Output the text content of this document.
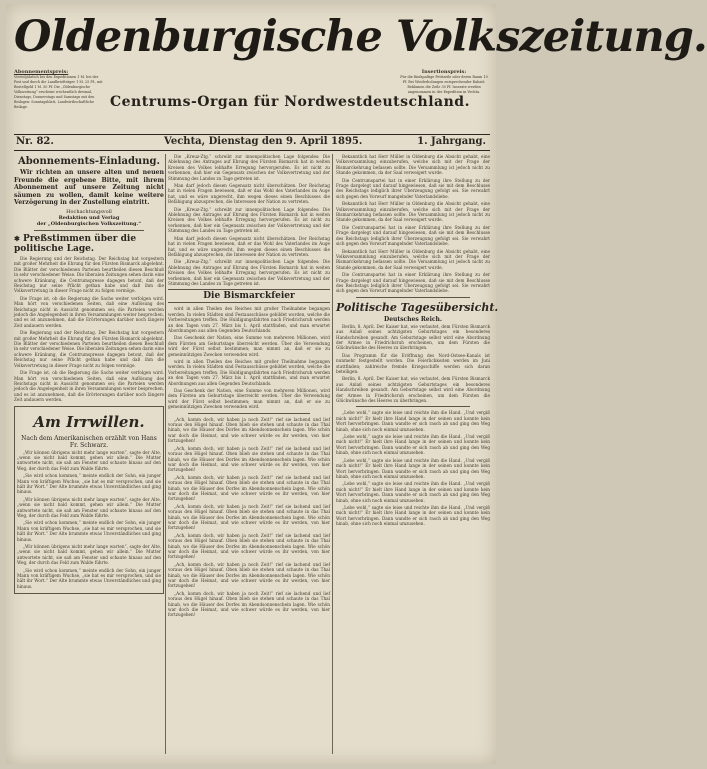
Oldenburgische Volkszeitung.
Abonnementspreis:
Vierteljährlich bei den Expeditionen 1 M. bei der Post und durch die Landbriefträger 1 M. 25 Pf., mit Bestellgeld 1 M. 50 Pf. Die „Oldenburgische Volkszeitung“ erscheint wöchentlich dreimal, Dienstags, Donnerstags und Samstags mit den Beilagen: Sonntagsblatt, Landwirthschaftliche Beilage.	Centrums-Organ für Nordwestdeutschland.
Insertionspreis:
Für die fünfspaltige Petitzeile oder deren Raum 10 Pf. Bei Wiederholungen entsprechender Rabatt. Reklamen die Zeile 30 Pf. Inserate werden angenommen in der Expedition in Vechta.
Nr. 82.	Vechta, Dienstag den 9. April 1895.	1. Jahrgang.
Abonnements-Einladung.

Wir richten an unsere alten und neuen Freunde die ergebene Bitte, mit ihrem Abonnement auf unsere Zeitung nicht säumen zu wollen, damit keine weitere Verzögerung in der Zustellung eintritt.

Hochachtungsvoll
Redaktion und Verlag
der „Oldenburgischen Volkszeitung.“
✱ Preßstimmen über die politische Lage.

Die Regierung und der Reichstag. Der Reichstag hat vorgestern mit großer Mehrheit die Ehrung für den Fürsten Bismarck abgelehnt. Die Blätter der verschiedenen Parteien beurtheilen diesen Beschluß in sehr verschiedener Weise. Die liberalen Zeitungen sehen darin eine schwere Kränkung, die Centrumspresse dagegen betont, daß der Reichstag nur seine Pflicht gethan habe und daß ihm die Volksvertretung in dieser Frage nicht zu folgen vermöge.

Die Frage ist, ob die Regierung die Sache weiter verfolgen wird. Man hört von verschiedenen Seiten, daß eine Auflösung des Reichstags nicht in Aussicht genommen sei; die Parteien werden jedoch die Angelegenheit in ihren Versammlungen weiter besprechen, und es ist anzunehmen, daß die Erörterungen darüber noch längere Zeit andauern werden.

Die Regierung und der Reichstag. Der Reichstag hat vorgestern mit großer Mehrheit die Ehrung für den Fürsten Bismarck abgelehnt. Die Blätter der verschiedenen Parteien beurtheilen diesen Beschluß in sehr verschiedener Weise. Die liberalen Zeitungen sehen darin eine schwere Kränkung, die Centrumspresse dagegen betont, daß der Reichstag nur seine Pflicht gethan habe und daß ihm die Volksvertretung in dieser Frage nicht zu folgen vermöge.

Die Frage ist, ob die Regierung die Sache weiter verfolgen wird. Man hört von verschiedenen Seiten, daß eine Auflösung des Reichstags nicht in Aussicht genommen sei; die Parteien werden jedoch die Angelegenheit in ihren Versammlungen weiter besprechen, und es ist anzunehmen, daß die Erörterungen darüber noch längere Zeit andauern werden.

Am Irrwillen.
Nach dem Amerikanischen erzählt von Hans Fr. Schwarz.

„Wir können übrigens nicht mehr lange warten“, sagte der Alte, „wenn sie nicht bald kommt, gehen wir allein.“ Die Mutter antwortete nicht, sie saß am Fenster und schaute hinaus auf den Weg, der durch das Feld zum Walde führte.

„Sie wird schon kommen,“ meinte endlich der Sohn, ein junger Mann von kräftigem Wuchse, „sie hat es mir versprochen, und sie hält ihr Wort.“ Der Alte brummte etwas Unverständliches und ging hinaus.

„Wir können übrigens nicht mehr lange warten“, sagte der Alte, „wenn sie nicht bald kommt, gehen wir allein.“ Die Mutter antwortete nicht, sie saß am Fenster und schaute hinaus auf den Weg, der durch das Feld zum Walde führte.

„Sie wird schon kommen,“ meinte endlich der Sohn, ein junger Mann von kräftigem Wuchse, „sie hat es mir versprochen, und sie hält ihr Wort.“ Der Alte brummte etwas Unverständliches und ging hinaus.

„Wir können übrigens nicht mehr lange warten“, sagte der Alte, „wenn sie nicht bald kommt, gehen wir allein.“ Die Mutter antwortete nicht, sie saß am Fenster und schaute hinaus auf den Weg, der durch das Feld zum Walde führte.

„Sie wird schon kommen,“ meinte endlich der Sohn, ein junger Mann von kräftigem Wuchse, „sie hat es mir versprochen, und sie hält ihr Wort.“ Der Alte brummte etwas Unverständliches und ging hinaus.

Die „Kreuz-Ztg.“ schreibt zur innenpolitischen Lage folgendes: Die Ablehnung des Antrages auf Ehrung des Fürsten Bismarck hat in weiten Kreisen des Volkes lebhafte Erregung hervorgerufen. Es ist nicht zu verkennen, daß hier ein Gegensatz zwischen der Volksvertretung und der Stimmung des Landes zu Tage getreten ist.

Man darf jedoch diesen Gegensatz nicht überschätzen. Der Reichstag hat in vielen Fragen bewiesen, daß er das Wohl des Vaterlandes im Auge hat, und es wäre ungerecht, ihm wegen dieses einen Beschlusses die Befähigung abzusprechen, die Interessen der Nation zu vertreten.

Die „Kreuz-Ztg.“ schreibt zur innenpolitischen Lage folgendes: Die Ablehnung des Antrages auf Ehrung des Fürsten Bismarck hat in weiten Kreisen des Volkes lebhafte Erregung hervorgerufen. Es ist nicht zu verkennen, daß hier ein Gegensatz zwischen der Volksvertretung und der Stimmung des Landes zu Tage getreten ist.

Man darf jedoch diesen Gegensatz nicht überschätzen. Der Reichstag hat in vielen Fragen bewiesen, daß er das Wohl des Vaterlandes im Auge hat, und es wäre ungerecht, ihm wegen dieses einen Beschlusses die Befähigung abzusprechen, die Interessen der Nation zu vertreten.

Die „Kreuz-Ztg.“ schreibt zur innenpolitischen Lage folgendes: Die Ablehnung des Antrages auf Ehrung des Fürsten Bismarck hat in weiten Kreisen des Volkes lebhafte Erregung hervorgerufen. Es ist nicht zu verkennen, daß hier ein Gegensatz zwischen der Volksvertretung und der Stimmung des Landes zu Tage getreten ist.

Die Bismarckfeier

wird in allen Theilen des Reiches mit großer Theilnahme begangen werden. In vielen Städten sind Festausschüsse gebildet worden, welche die Vorbereitungen treffen. Die Huldigungsfahrten nach Friedrichsruh werden an den Tagen vom 27. März bis 1. April stattfinden, und man erwartet Abordnungen aus allen Gegenden Deutschlands.

Das Geschenk der Nation, eine Summe von mehreren Millionen, wird dem Fürsten am Geburtstage überreicht werden. Über die Verwendung wird der Fürst selbst bestimmen; man nimmt an, daß er sie zu gemeinnützigen Zwecken verwenden wird.

wird in allen Theilen des Reiches mit großer Theilnahme begangen werden. In vielen Städten sind Festausschüsse gebildet worden, welche die Vorbereitungen treffen. Die Huldigungsfahrten nach Friedrichsruh werden an den Tagen vom 27. März bis 1. April stattfinden, und man erwartet Abordnungen aus allen Gegenden Deutschlands.

Das Geschenk der Nation, eine Summe von mehreren Millionen, wird dem Fürsten am Geburtstage überreicht werden. Über die Verwendung wird der Fürst selbst bestimmen; man nimmt an, daß er sie zu gemeinnützigen Zwecken verwenden wird.

„Ach, komm doch, wir haben ja noch Zeit!“ rief sie lachend und lief voraus den Hügel hinauf. Oben blieb sie stehen und schaute in das Thal hinab, wo die Häuser des Dorfes im Abendsonnenschein lagen. Wie schön war doch die Heimat, und wie schwer würde es ihr werden, von hier fortzugehen!

„Ach, komm doch, wir haben ja noch Zeit!“ rief sie lachend und lief voraus den Hügel hinauf. Oben blieb sie stehen und schaute in das Thal hinab, wo die Häuser des Dorfes im Abendsonnenschein lagen. Wie schön war doch die Heimat, und wie schwer würde es ihr werden, von hier fortzugehen!

„Ach, komm doch, wir haben ja noch Zeit!“ rief sie lachend und lief voraus den Hügel hinauf. Oben blieb sie stehen und schaute in das Thal hinab, wo die Häuser des Dorfes im Abendsonnenschein lagen. Wie schön war doch die Heimat, und wie schwer würde es ihr werden, von hier fortzugehen!

„Ach, komm doch, wir haben ja noch Zeit!“ rief sie lachend und lief voraus den Hügel hinauf. Oben blieb sie stehen und schaute in das Thal hinab, wo die Häuser des Dorfes im Abendsonnenschein lagen. Wie schön war doch die Heimat, und wie schwer würde es ihr werden, von hier fortzugehen!

„Ach, komm doch, wir haben ja noch Zeit!“ rief sie lachend und lief voraus den Hügel hinauf. Oben blieb sie stehen und schaute in das Thal hinab, wo die Häuser des Dorfes im Abendsonnenschein lagen. Wie schön war doch die Heimat, und wie schwer würde es ihr werden, von hier fortzugehen!

„Ach, komm doch, wir haben ja noch Zeit!“ rief sie lachend und lief voraus den Hügel hinauf. Oben blieb sie stehen und schaute in das Thal hinab, wo die Häuser des Dorfes im Abendsonnenschein lagen. Wie schön war doch die Heimat, und wie schwer würde es ihr werden, von hier fortzugehen!

„Ach, komm doch, wir haben ja noch Zeit!“ rief sie lachend und lief voraus den Hügel hinauf. Oben blieb sie stehen und schaute in das Thal hinab, wo die Häuser des Dorfes im Abendsonnenschein lagen. Wie schön war doch die Heimat, und wie schwer würde es ihr werden, von hier fortzugehen!

Bekanntlich hat Herr Müller in Oldenburg die Absicht gehabt, eine Volksversammlung einzuberufen, welche sich mit der Frage der Bismarckehrung befassen sollte. Die Versammlung ist jedoch nicht zu Stande gekommen, da der Saal verweigert wurde.

Die Centrumspartei hat in einer Erklärung ihre Stellung zu der Frage dargelegt und darauf hingewiesen, daß sie mit dem Beschlusse des Reichstags lediglich ihrer Überzeugung gefolgt sei. Sie verwahrt sich gegen den Vorwurf mangelnder Vaterlandsliebe.

Bekanntlich hat Herr Müller in Oldenburg die Absicht gehabt, eine Volksversammlung einzuberufen, welche sich mit der Frage der Bismarckehrung befassen sollte. Die Versammlung ist jedoch nicht zu Stande gekommen, da der Saal verweigert wurde.

Die Centrumspartei hat in einer Erklärung ihre Stellung zu der Frage dargelegt und darauf hingewiesen, daß sie mit dem Beschlusse des Reichstags lediglich ihrer Überzeugung gefolgt sei. Sie verwahrt sich gegen den Vorwurf mangelnder Vaterlandsliebe.

Bekanntlich hat Herr Müller in Oldenburg die Absicht gehabt, eine Volksversammlung einzuberufen, welche sich mit der Frage der Bismarckehrung befassen sollte. Die Versammlung ist jedoch nicht zu Stande gekommen, da der Saal verweigert wurde.

Die Centrumspartei hat in einer Erklärung ihre Stellung zu der Frage dargelegt und darauf hingewiesen, daß sie mit dem Beschlusse des Reichstags lediglich ihrer Überzeugung gefolgt sei. Sie verwahrt sich gegen den Vorwurf mangelnder Vaterlandsliebe.

Politische Tagesübersicht.
Deutsches Reich.

Berlin, 8. April. Der Kaiser hat, wie verlautet, dem Fürsten Bismarck aus Anlaß seines achtzigsten Geburtstages ein besonderes Handschreiben gesandt. Am Geburtstage selbst wird eine Abordnung der Armee in Friedrichsruh erscheinen, um dem Fürsten die Glückwünsche des Heeres zu überbringen.

Das Programm für die Eröffnung des Nord-Ostsee-Kanals ist nunmehr festgestellt worden. Die Feierlichkeiten werden im Juni stattfinden; zahlreiche fremde Kriegsschiffe werden sich daran beteiligen.

Berlin, 8. April. Der Kaiser hat, wie verlautet, dem Fürsten Bismarck aus Anlaß seines achtzigsten Geburtstages ein besonderes Handschreiben gesandt. Am Geburtstage selbst wird eine Abordnung der Armee in Friedrichsruh erscheinen, um dem Fürsten die Glückwünsche des Heeres zu überbringen.

„Lebe wohl,“ sagte sie leise und reichte ihm die Hand. „Und vergiß mich nicht!“ Er hielt ihre Hand lange in der seinen und konnte kein Wort hervorbringen. Dann wandte er sich rasch ab und ging den Weg hinab, ohne sich noch einmal umzusehen.

„Lebe wohl,“ sagte sie leise und reichte ihm die Hand. „Und vergiß mich nicht!“ Er hielt ihre Hand lange in der seinen und konnte kein Wort hervorbringen. Dann wandte er sich rasch ab und ging den Weg hinab, ohne sich noch einmal umzusehen.

„Lebe wohl,“ sagte sie leise und reichte ihm die Hand. „Und vergiß mich nicht!“ Er hielt ihre Hand lange in der seinen und konnte kein Wort hervorbringen. Dann wandte er sich rasch ab und ging den Weg hinab, ohne sich noch einmal umzusehen.

„Lebe wohl,“ sagte sie leise und reichte ihm die Hand. „Und vergiß mich nicht!“ Er hielt ihre Hand lange in der seinen und konnte kein Wort hervorbringen. Dann wandte er sich rasch ab und ging den Weg hinab, ohne sich noch einmal umzusehen.

„Lebe wohl,“ sagte sie leise und reichte ihm die Hand. „Und vergiß mich nicht!“ Er hielt ihre Hand lange in der seinen und konnte kein Wort hervorbringen. Dann wandte er sich rasch ab und ging den Weg hinab, ohne sich noch einmal umzusehen.
